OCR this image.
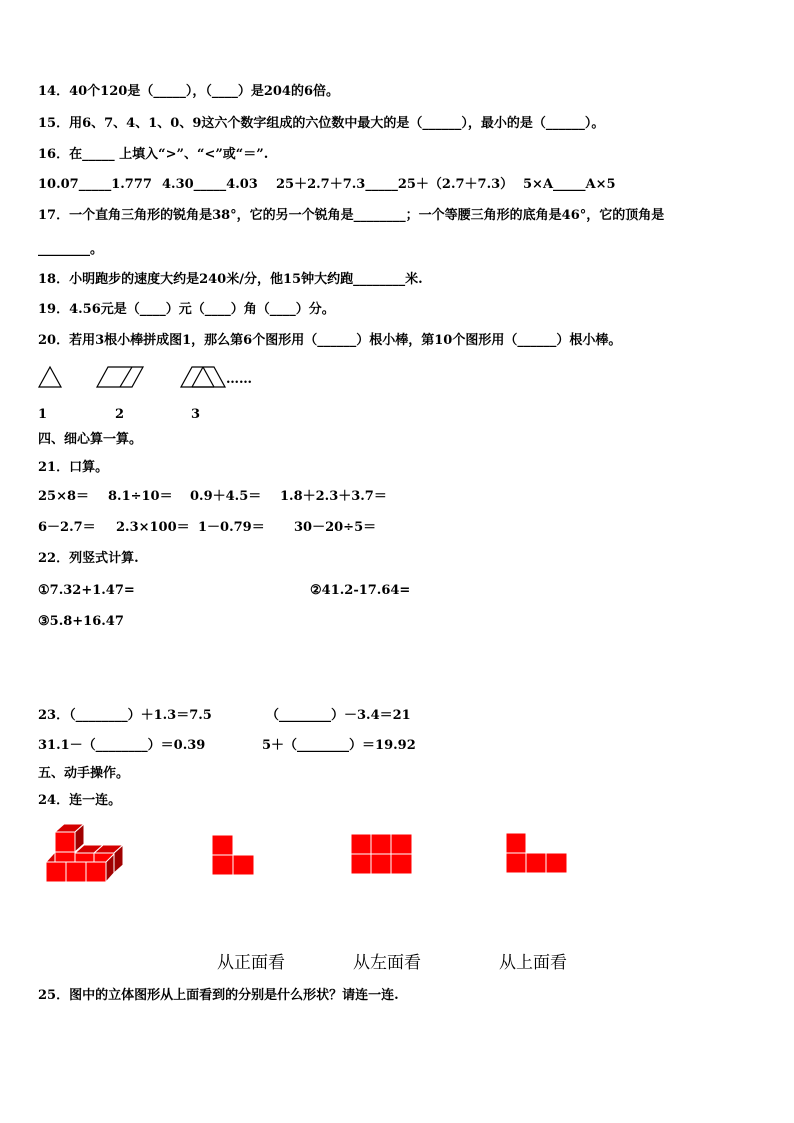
14．40个120是（_____），（____）是204的6倍。
15．用6、7、4、1、0、9这六个数字组成的六位数中最大的是（______），最小的是（______）。
16．在_____ 上填入“>”、“<”或“＝”.
10.07_____1.777 4.30_____4.03 25＋2.7＋7.3_____25＋（2.7＋7.3） 5×A_____A×5
17．一个直角三角形的锐角是38°，它的另一个锐角是________；一个等腰三角形的底角是46°，它的顶角是
________。
18．小明跑步的速度大约是240米/分，他15钟大约跑________米.
19．4.56元是（____）元（____）角（____）分。
20．若用3根小棒拼成图1，那么第6个图形用（______）根小棒，第10个图形用（______）根小棒。
……
1	2	3
四、细心算一算。
21．口算。
25×8＝ 8.1÷10＝ 0.9＋4.5＝ 1.8＋2.3＋3.7＝
6－2.7＝ 2.3×100＝ 1－0.79＝ 30－20÷5＝
22．列竖式计算.
①7.32+1.47=	②41.2-17.64=
③5.8+16.47
23．（________）＋1.3＝7.5	（________）－3.4＝21
31.1－（________）＝0.39	5＋（________）＝19.92
五、动手操作。
24．连一连。
从正面看	从左面看	从上面看
25．图中的立体图形从上面看到的分别是什么形状？请连一连.
